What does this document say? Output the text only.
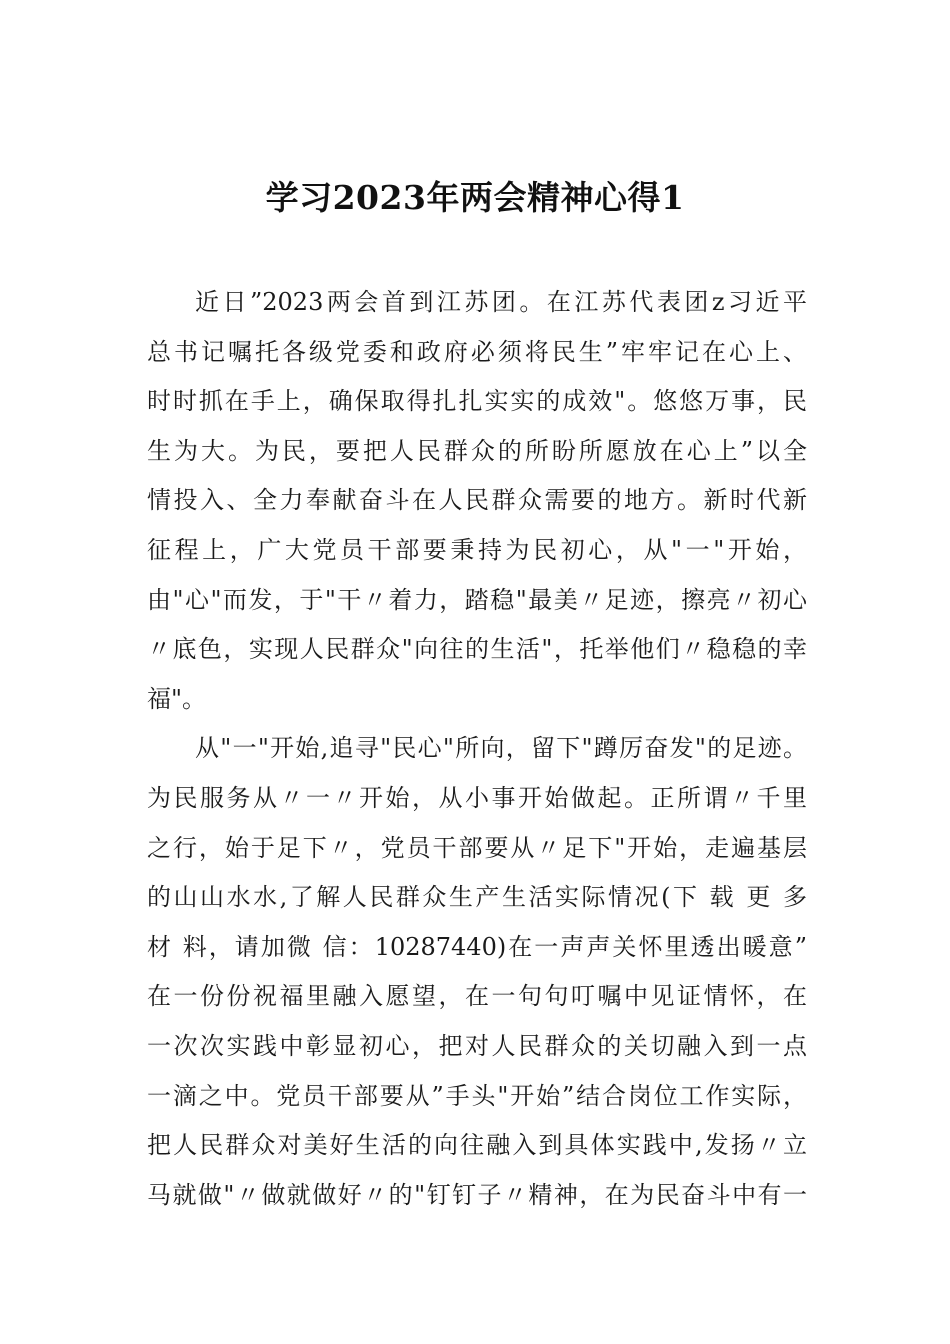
学习2023年两会精神心得1
近日”2023两会首到江苏团。在江苏代表团z习近平
总书记嘱托各级党委和政府必须将民生”牢牢记在心上、
时时抓在手上，确保取得扎扎实实的成效"。悠悠万事，民
生为大。为民，要把人民群众的所盼所愿放在心上”以全
情投入、全力奉献奋斗在人民群众需要的地方。新时代新
征程上，广大党员干部要秉持为民初心，从"一"开始，
由"心"而发，于"干〃着力，踏稳"最美〃足迹，擦亮〃初心
〃底色，实现人民群众"向往的生活"，托举他们〃稳稳的幸
福"。
从"一"开始,追寻"民心"所向，留下"蹲厉奋发"的足迹。
为民服务从〃一〃开始，从小事开始做起。正所谓〃千里
之行，始于足下〃，党员干部要从〃足下"开始，走遍基层
的山山水水,了解人民群众生产生活实际情况(下 载 更 多
材 料，请加微 信：10287440)在一声声关怀里透出暖意”
在一份份祝福里融入愿望，在一句句叮嘱中见证情怀，在
一次次实践中彰显初心，把对人民群众的关切融入到一点
一滴之中。党员干部要从”手头"开始”结合岗位工作实际，
把人民群众对美好生活的向往融入到具体实践中,发扬〃立
马就做"〃做就做好〃的"钉钉子〃精神，在为民奋斗中有一
